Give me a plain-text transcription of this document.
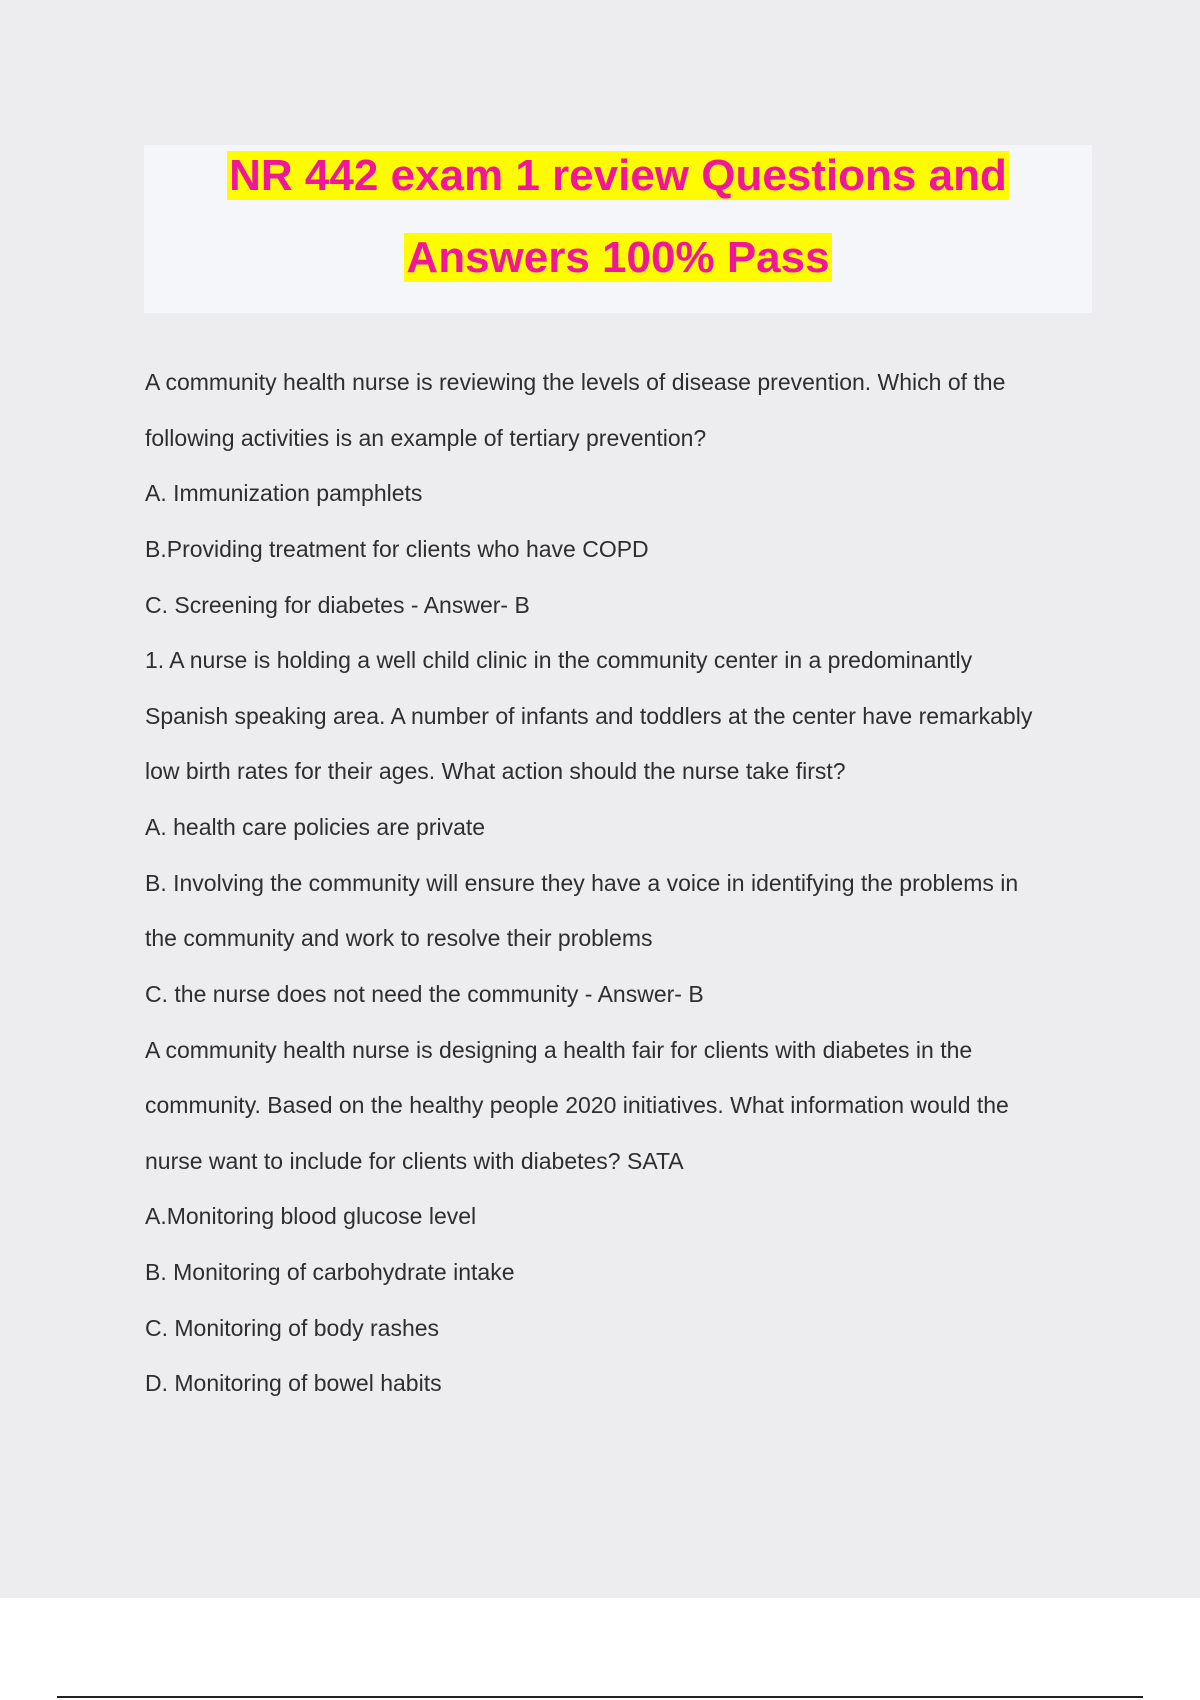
NR 442 exam 1 review Questions and
Answers 100% Pass
A community health nurse is reviewing the levels of disease prevention. Which of the
following activities is an example of tertiary prevention?
A. Immunization pamphlets
B.Providing treatment for clients who have COPD
C. Screening for diabetes - Answer- B
1. A nurse is holding a well child clinic in the community center in a predominantly
Spanish speaking area. A number of infants and toddlers at the center have remarkably
low birth rates for their ages. What action should the nurse take first?
A. health care policies are private
B. Involving the community will ensure they have a voice in identifying the problems in
the community and work to resolve their problems
C. the nurse does not need the community - Answer- B
A community health nurse is designing a health fair for clients with diabetes in the
community. Based on the healthy people 2020 initiatives. What information would the
nurse want to include for clients with diabetes? SATA
A.Monitoring blood glucose level
B. Monitoring of carbohydrate intake
C. Monitoring of body rashes
D. Monitoring of bowel habits
